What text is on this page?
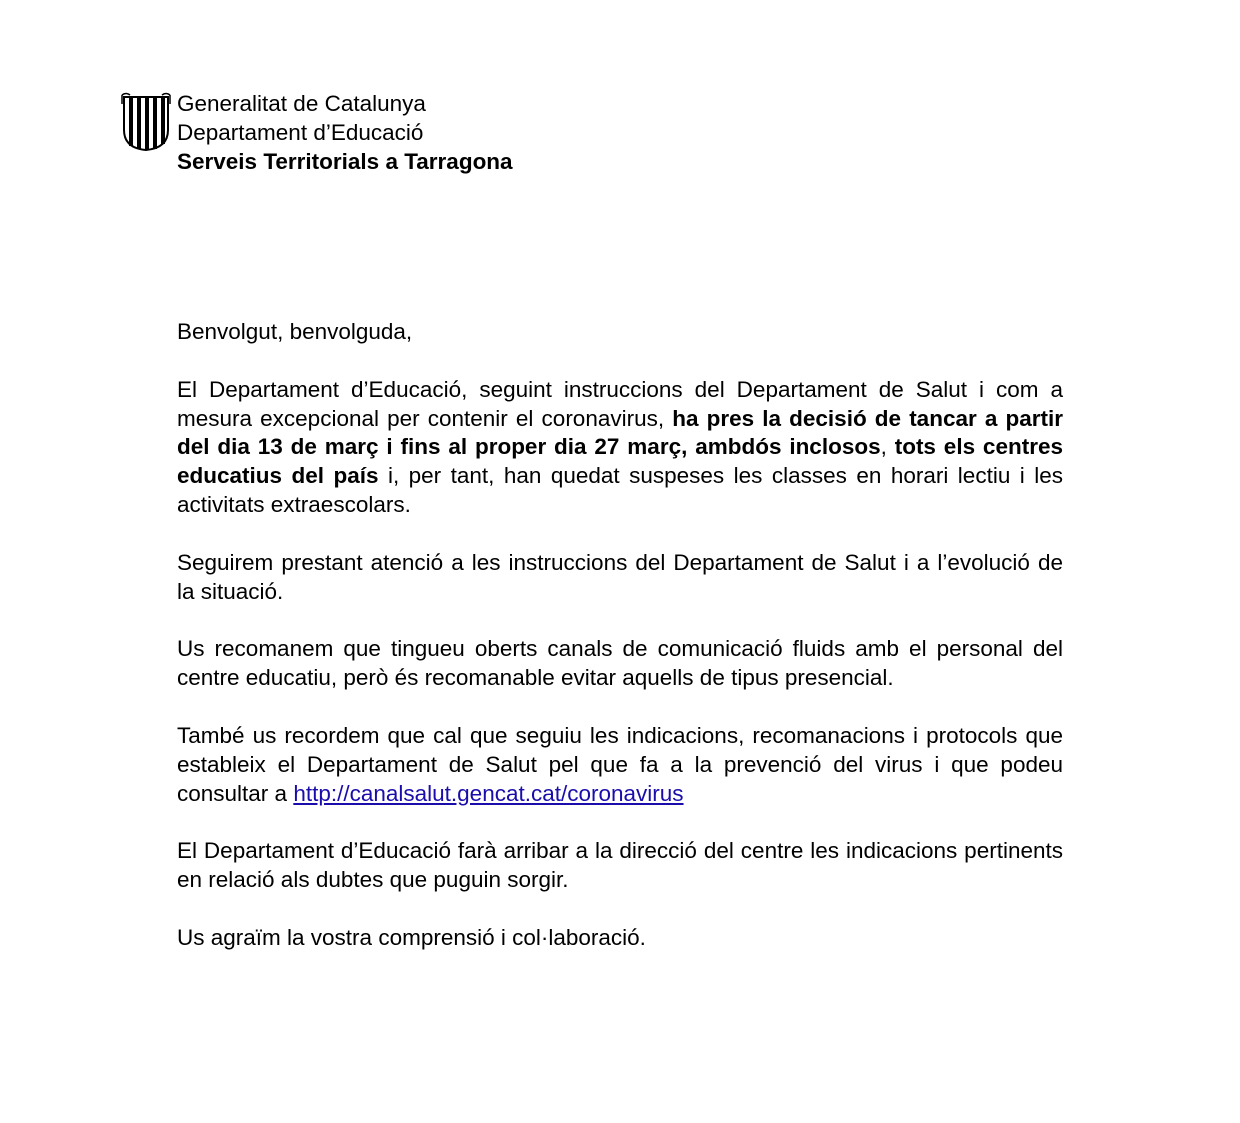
Generalitat de Catalunya
Departament d’Educació
Serveis Territorials a Tarragona

Benvolgut, benvolguda,

El Departament d’Educació, seguint instruccions del Departament de Salut i com a mesura excepcional per contenir el coronavirus, ha pres la decisió de tancar a partir del dia 13 de març i fins al proper dia 27 març, ambdós inclosos, tots els centres educatius del país i, per tant, han quedat suspeses les classes en horari lectiu i les activitats extraescolars.

Seguirem prestant atenció a les instruccions del Departament de Salut i a l’evolució de la situació.

Us recomanem que tingueu oberts canals de comunicació fluids amb el personal del centre educatiu, però és recomanable evitar aquells de tipus presencial.

També us recordem que cal que seguiu les indicacions, recomanacions i protocols que estableix el Departament de Salut pel que fa a la prevenció del virus i que podeu consultar a http://canalsalut.gencat.cat/coronavirus

El Departament d’Educació farà arribar a la direcció del centre les indicacions pertinents en relació als dubtes que puguin sorgir.

Us agraïm la vostra comprensió i col·laboració.
